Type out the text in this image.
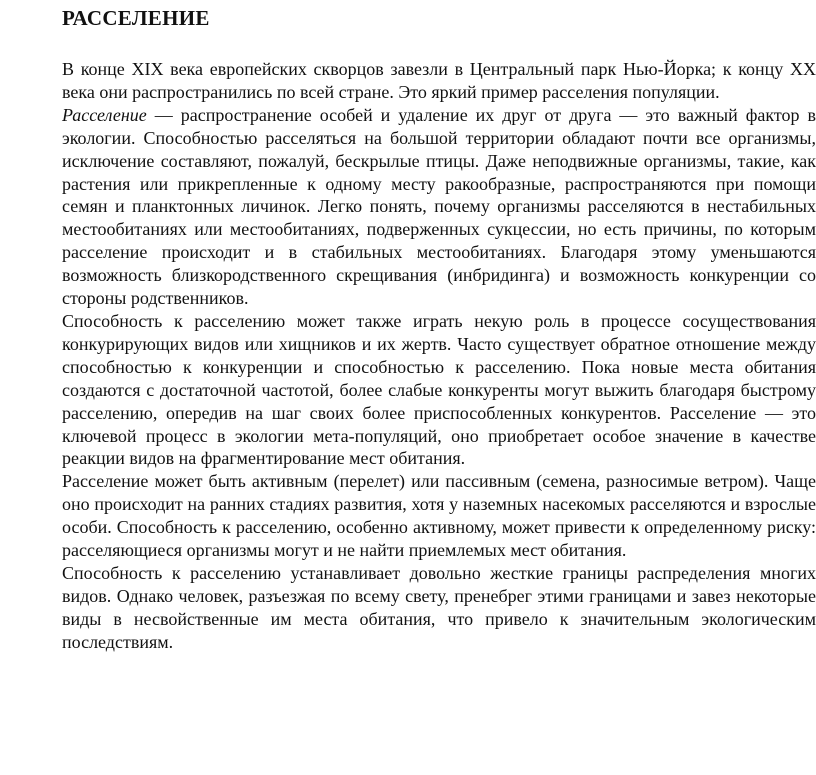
РАССЕЛЕНИЕ

В конце XIX века европейских скворцов завезли в Центральный парк Нью-Йорка; к концу XX века они распространились по всей стране. Это яркий пример расселения популяции.

Расселение — распространение особей и удаление их друг от друга — это важный фактор в экологии. Способностью расселяться на большой территории обладают почти все организмы, исключение составляют, пожалуй, бескрылые птицы. Даже неподвижные организмы, такие, как растения или прикрепленные к одному месту ракообразные, распространяются при помощи семян и планктонных личинок. Легко понять, почему организмы расселяются в нестабильных местообитаниях или местообитаниях, подверженных сукцессии, но есть причины, по которым расселение происходит и в стабильных местообитаниях. Благодаря этому уменьшаются возможность близкородственного скрещивания (инбридинга) и возможность конкуренции со стороны родственников.

Способность к расселению может также играть некую роль в процессе сосуществования конкурирующих видов или хищников и их жертв. Часто существует обратное отношение между способностью к конкуренции и способностью к расселению. Пока новые места обитания создаются с достаточной частотой, более слабые конкуренты могут выжить благодаря быстрому расселению, опередив на шаг своих более приспособленных конкурентов. Расселение — это ключевой процесс в экологии мета-популяций, оно приобретает особое значение в качестве реакции видов на фрагментирование мест обитания.

Расселение может быть активным (перелет) или пассивным (семена, разносимые ветром). Чаще оно происходит на ранних стадиях развития, хотя у наземных насекомых расселяются и взрослые особи. Способность к расселению, особенно активному, может привести к определенному риску: расселяющиеся организмы могут и не найти приемлемых мест обитания.

Способность к расселению устанавливает довольно жесткие границы распределения многих видов. Однако человек, разъезжая по всему свету, пренебрег этими границами и завез некоторые виды в несвойственные им места обитания, что привело к значительным экологическим последствиям.
